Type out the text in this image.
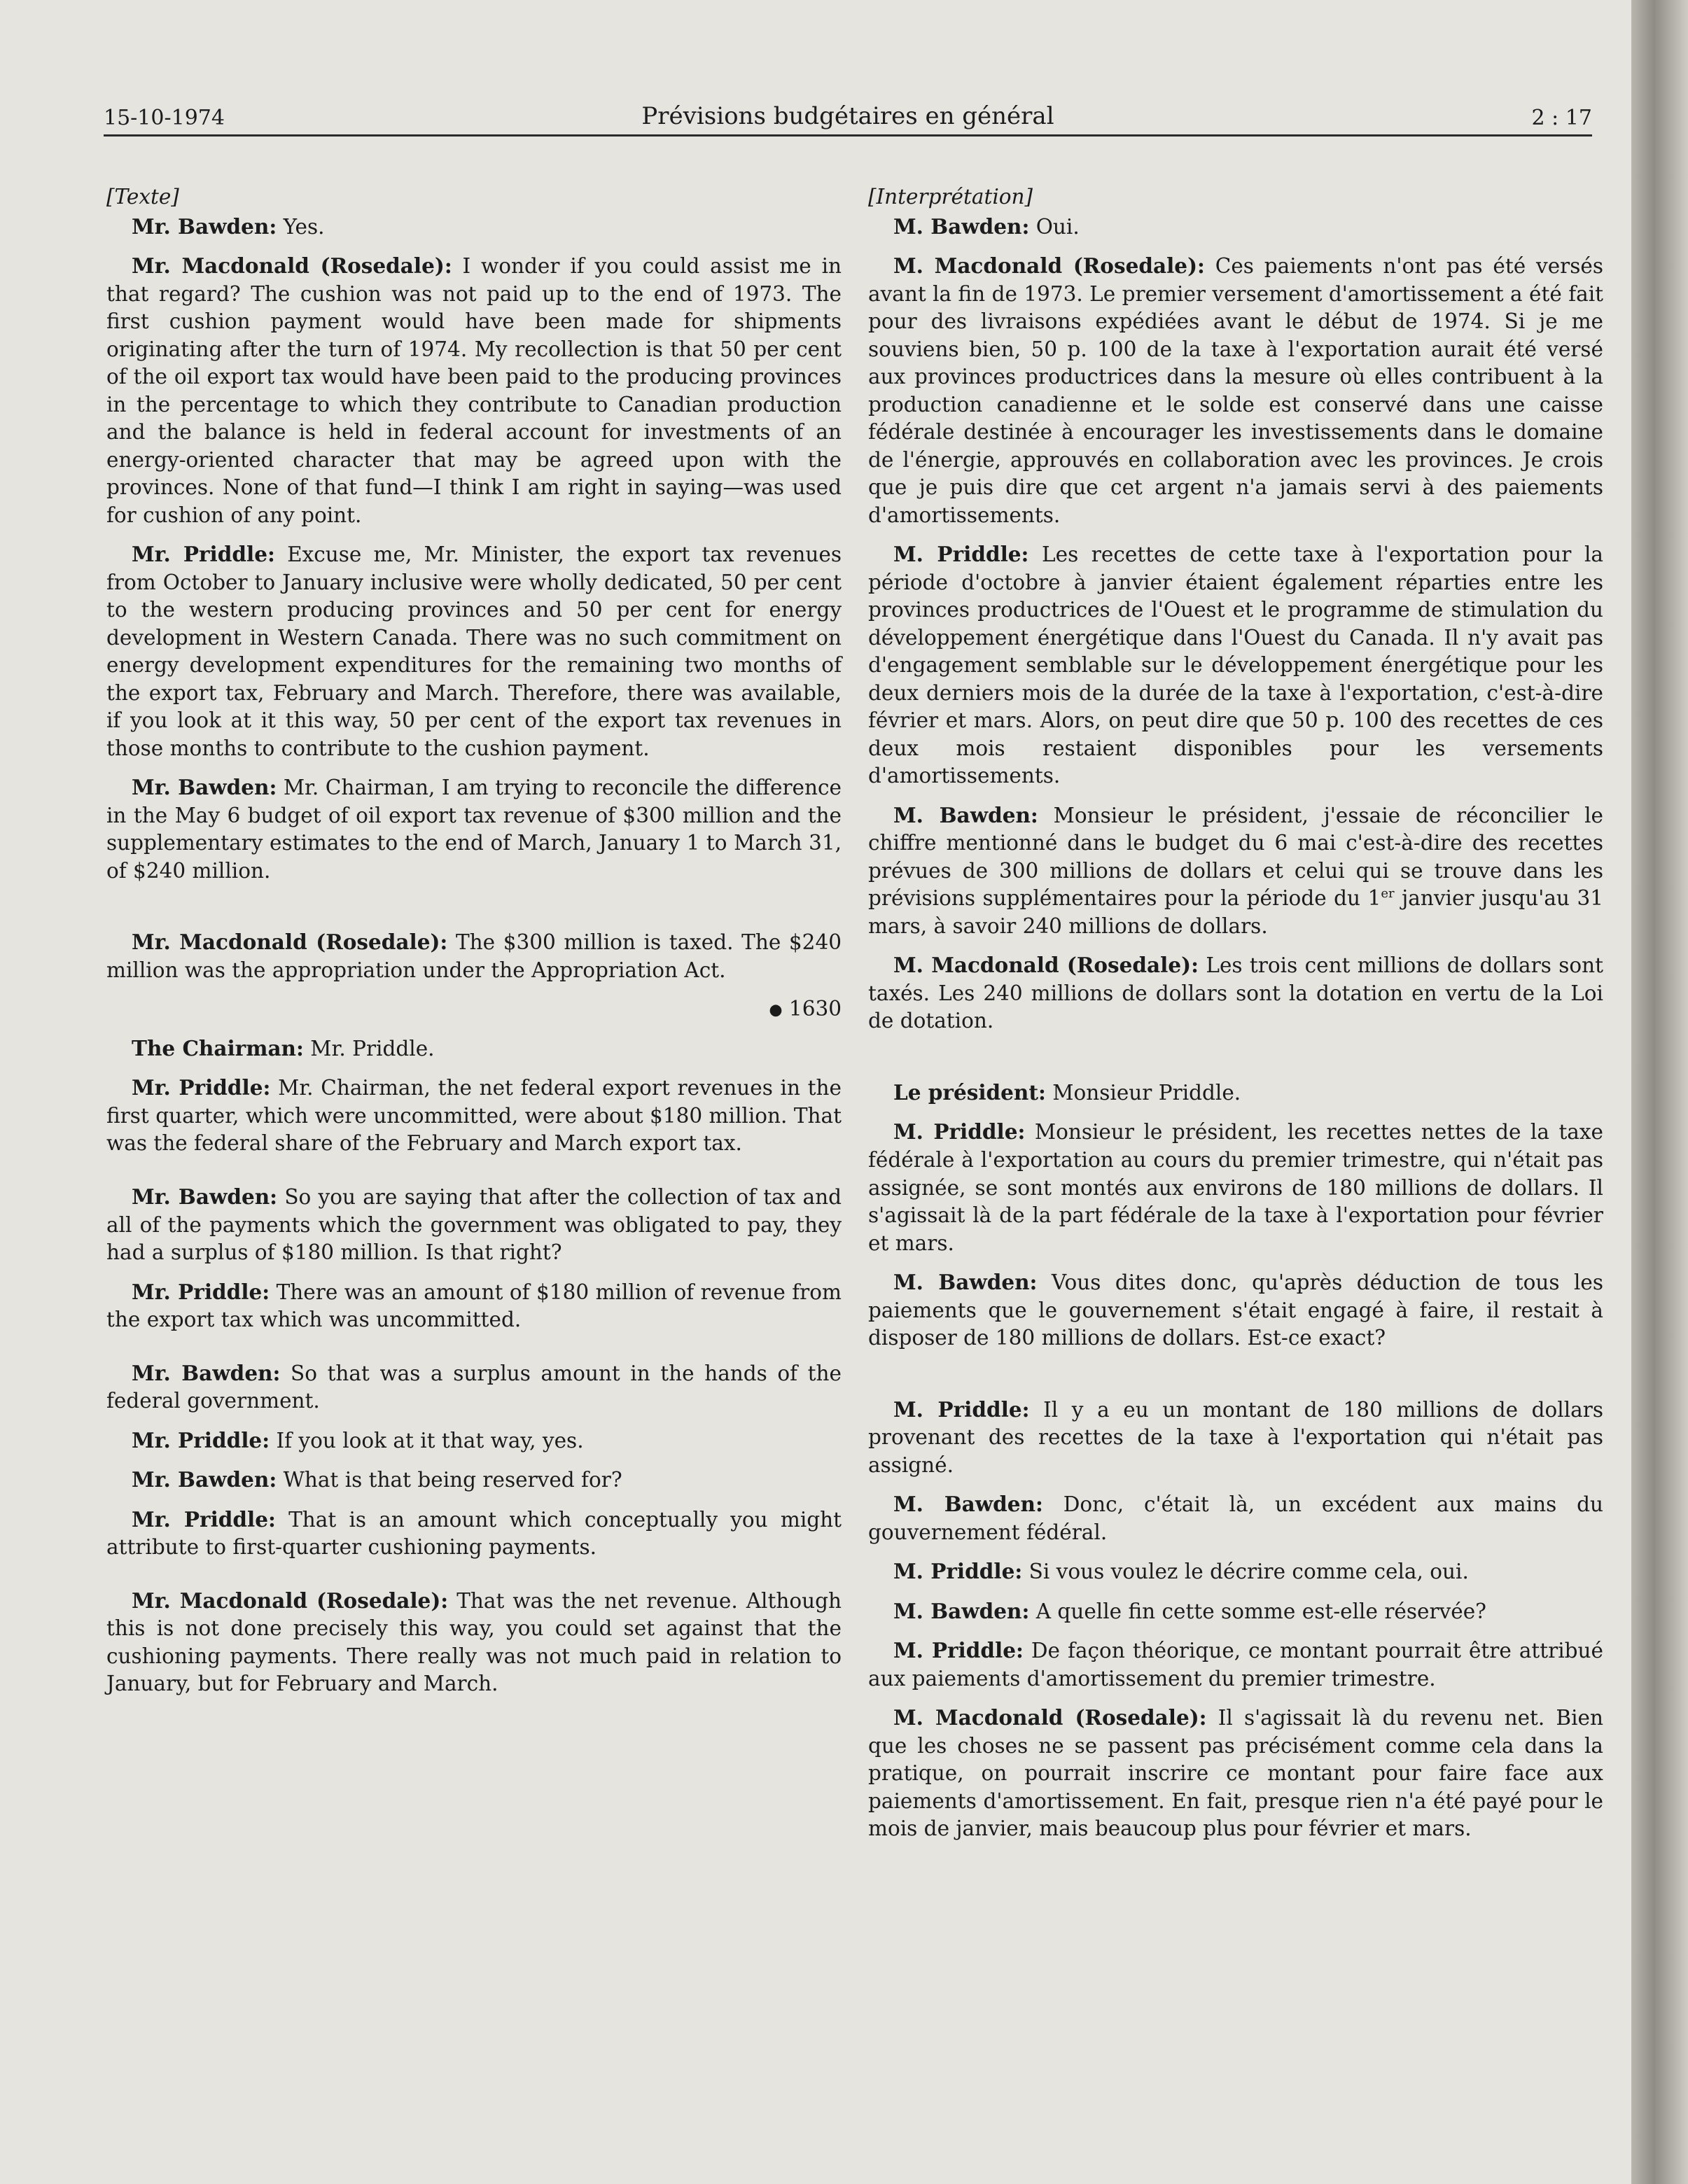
15-10-1974	Prévisions budgétaires en général	2 : 17

[Texte]

Mr. Bawden: Yes.

Mr. Macdonald (Rosedale): I wonder if you could assist me in that regard? The cushion was not paid up to the end of 1973. The first cushion payment would have been made for shipments originating after the turn of 1974. My recollection is that 50 per cent of the oil export tax would have been paid to the producing provinces in the percentage to which they contribute to Canadian production and the balance is held in federal account for investments of an energy-oriented character that may be agreed upon with the provinces. None of that fund—I think I am right in saying—was used for cushion of any point.

Mr. Priddle: Excuse me, Mr. Minister, the export tax revenues from October to January inclusive were wholly dedicated, 50 per cent to the western producing provinces and 50 per cent for energy development in Western Canada. There was no such commitment on energy development expenditures for the remaining two months of the export tax, February and March. Therefore, there was available, if you look at it this way, 50 per cent of the export tax revenues in those months to contribute to the cushion payment.

Mr. Bawden: Mr. Chairman, I am trying to reconcile the difference in the May 6 budget of oil export tax revenue of $300 million and the supplementary estimates to the end of March, January 1 to March 31, of $240 million.

Mr. Macdonald (Rosedale): The $300 million is taxed. The $240 million was the appropriation under the Appropriation Act.

● 1630

The Chairman: Mr. Priddle.

Mr. Priddle: Mr. Chairman, the net federal export revenues in the first quarter, which were uncommitted, were about $180 million. That was the federal share of the February and March export tax.

Mr. Bawden: So you are saying that after the collection of tax and all of the payments which the government was obligated to pay, they had a surplus of $180 million. Is that right?

Mr. Priddle: There was an amount of $180 million of revenue from the export tax which was uncommitted.

Mr. Bawden: So that was a surplus amount in the hands of the federal government.

Mr. Priddle: If you look at it that way, yes.

Mr. Bawden: What is that being reserved for?

Mr. Priddle: That is an amount which conceptually you might attribute to first-quarter cushioning payments.

Mr. Macdonald (Rosedale): That was the net revenue. Although this is not done precisely this way, you could set against that the cushioning payments. There really was not much paid in relation to January, but for February and March.

[Interprétation]

M. Bawden: Oui.

M. Macdonald (Rosedale): Ces paiements n'ont pas été versés avant la fin de 1973. Le premier versement d'amortissement a été fait pour des livraisons expédiées avant le début de 1974. Si je me souviens bien, 50 p. 100 de la taxe à l'exportation aurait été versé aux provinces productrices dans la mesure où elles contribuent à la production canadienne et le solde est conservé dans une caisse fédérale destinée à encourager les investissements dans le domaine de l'énergie, approuvés en collaboration avec les provinces. Je crois que je puis dire que cet argent n'a jamais servi à des paiements d'amortissements.

M. Priddle: Les recettes de cette taxe à l'exportation pour la période d'octobre à janvier étaient également réparties entre les provinces productrices de l'Ouest et le programme de stimulation du développement énergétique dans l'Ouest du Canada. Il n'y avait pas d'engagement semblable sur le développement énergétique pour les deux derniers mois de la durée de la taxe à l'exportation, c'est-à-dire février et mars. Alors, on peut dire que 50 p. 100 des recettes de ces deux mois restaient disponibles pour les versements d'amortissements.

M. Bawden: Monsieur le président, j'essaie de réconcilier le chiffre mentionné dans le budget du 6 mai c'est-à-dire des recettes prévues de 300 millions de dollars et celui qui se trouve dans les prévisions supplémentaires pour la période du 1er janvier jusqu'au 31 mars, à savoir 240 millions de dollars.

M. Macdonald (Rosedale): Les trois cent millions de dollars sont taxés. Les 240 millions de dollars sont la dotation en vertu de la Loi de dotation.

Le président: Monsieur Priddle.

M. Priddle: Monsieur le président, les recettes nettes de la taxe fédérale à l'exportation au cours du premier trimestre, qui n'était pas assignée, se sont montés aux environs de 180 millions de dollars. Il s'agissait là de la part fédérale de la taxe à l'exportation pour février et mars.

M. Bawden: Vous dites donc, qu'après déduction de tous les paiements que le gouvernement s'était engagé à faire, il restait à disposer de 180 millions de dollars. Est-ce exact?

M. Priddle: Il y a eu un montant de 180 millions de dollars provenant des recettes de la taxe à l'exportation qui n'était pas assigné.

M. Bawden: Donc, c'était là, un excédent aux mains du gouvernement fédéral.

M. Priddle: Si vous voulez le décrire comme cela, oui.

M. Bawden: A quelle fin cette somme est-elle réservée?

M. Priddle: De façon théorique, ce montant pourrait être attribué aux paiements d'amortissement du premier trimestre.

M. Macdonald (Rosedale): Il s'agissait là du revenu net. Bien que les choses ne se passent pas précisément comme cela dans la pratique, on pourrait inscrire ce montant pour faire face aux paiements d'amortissement. En fait, presque rien n'a été payé pour le mois de janvier, mais beaucoup plus pour février et mars.
